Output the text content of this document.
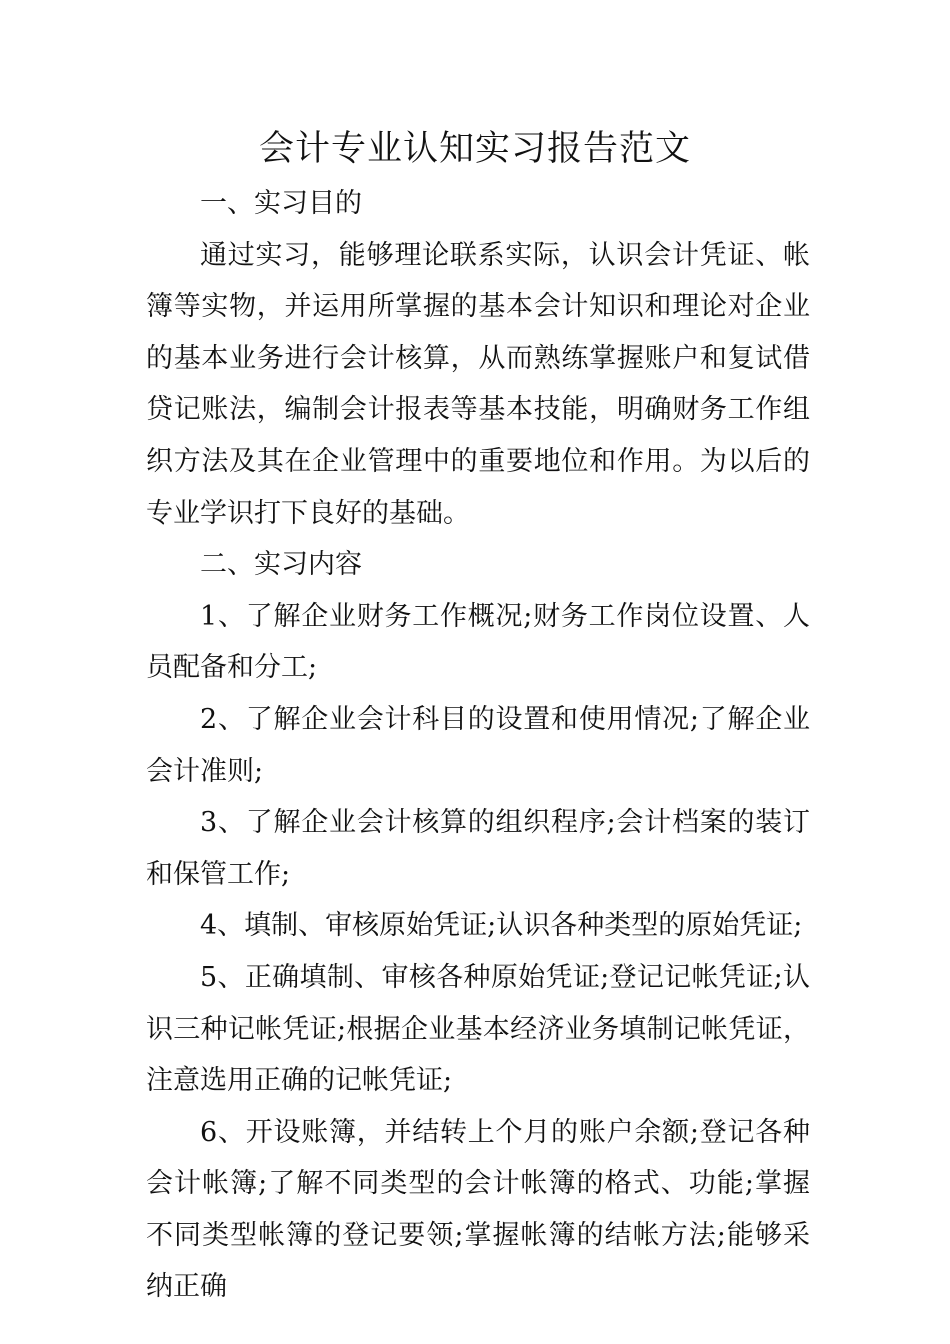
会计专业认知实习报告范文

一、实习目的

通过实习，能够理论联系实际，认识会计凭证、帐簿等实物，并运用所掌握的基本会计知识和理论对企业的基本业务进行会计核算，从而熟练掌握账户和复试借贷记账法，编制会计报表等基本技能，明确财务工作组织方法及其在企业管理中的重要地位和作用。为以后的专业学识打下良好的基础。

二、实习内容

1、了解企业财务工作概况;财务工作岗位设置、人员配备和分工;

2、了解企业会计科目的设置和使用情况;了解企业会计准则;

3、了解企业会计核算的组织程序;会计档案的装订和保管工作;

4、填制、审核原始凭证;认识各种类型的原始凭证;

5、正确填制、审核各种原始凭证;登记记帐凭证;认识三种记帐凭证;根据企业基本经济业务填制记帐凭证，注意选用正确的记帐凭证;

6、开设账簿，并结转上个月的账户余额;登记各种会计帐簿;了解不同类型的会计帐簿的格式、功能;掌握不同类型帐簿的登记要领;掌握帐簿的结帐方法;能够采纳正确
